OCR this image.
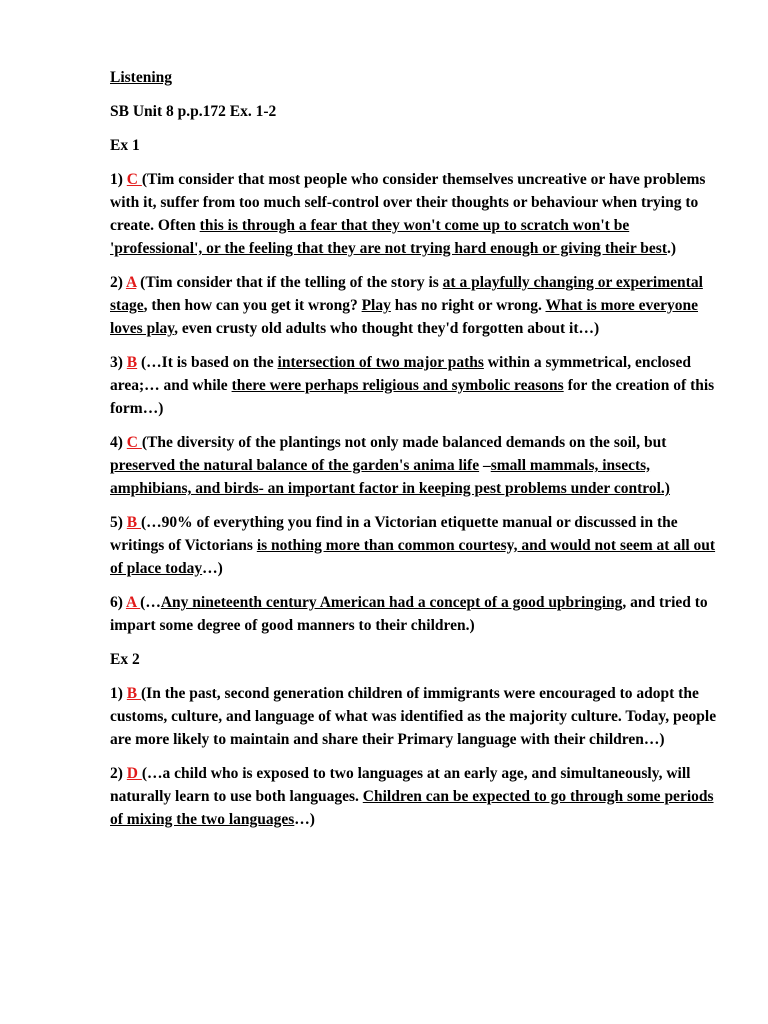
Listening
SB Unit 8 p.p.172 Ex. 1-2
Ex 1
1) C (Tim consider that most people who consider themselves uncreative or have problems with it, suffer from too much self-control over their thoughts or behaviour when trying to create. Often this is through a fear that they won't come up to scratch won't be 'professional', or the feeling that they are not trying hard enough or giving their best.)
2) A (Tim consider that if the telling of the story is at a playfully changing or experimental stage, then how can you get it wrong? Play has no right or wrong. What is more everyone loves play, even crusty old adults who thought they'd forgotten about it…)
3) B (…It is based on the intersection of two major paths within a symmetrical, enclosed area;… and while there were perhaps religious and symbolic reasons for the creation of this form…)
4) C (The diversity of the plantings not only made balanced demands on the soil, but preserved the natural balance of the garden's anima life –small mammals, insects, amphibians, and birds- an important factor in keeping pest problems under control.)
5) B (…90% of everything you find in a Victorian etiquette manual or discussed in the writings of Victorians is nothing more than common courtesy, and would not seem at all out of place today…)
6) A (…Any nineteenth century American had a concept of a good upbringing, and tried to impart some degree of good manners to their children.)
Ex 2
1) B (In the past, second generation children of immigrants were encouraged to adopt the customs, culture, and language of what was identified as the majority culture. Today, people are more likely to maintain and share their Primary language with their children…)
2) D (…a child who is exposed to two languages at an early age, and simultaneously, will naturally learn to use both languages. Children can be expected to go through some periods of mixing the two languages…)
